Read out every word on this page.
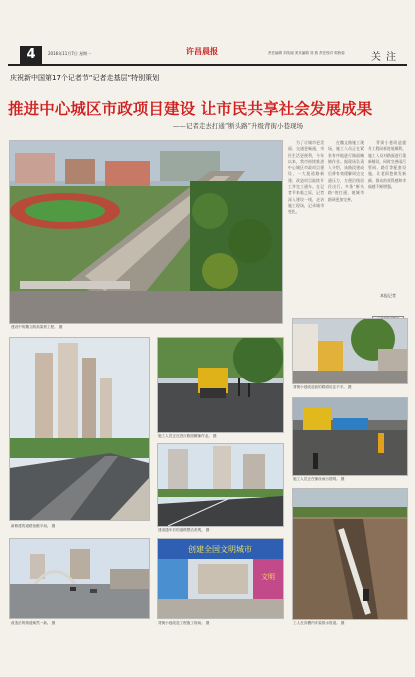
4	2016年11月7日 星期一	许昌晨报	责任编辑 刘英丽 美术编辑 刘 燕 责任校对 郭秋菊	关 注
庆祝新中国第17个记者节“记者走基层”特别策划
推进中心城区市政项目建设 让市民共享社会发展成果
——记者走去打通“断头路”升级背街小巷现场
建设中的魏文路高架桥工程。 摄

为了让城市更美丽、交通更畅通，市民生活更便利，今年以来，我市持续推进中心城区市政项目建设，一大批道路新建、改造项目陆续开工并完工通车。在记者节来临之际，记者深入建设一线，走访施工现场，记录城市变化。

在魏文路施工现场，施工人员正在紧张有序地进行路面摊铺作业。据现场负责人介绍，该路段建成后将有效缓解周边交通压力，方便沿线居民出行。多条“断头路”的打通，使城市路网更加完善。

背街小巷改造提升工程同样进展顺利。施工人员对路面进行重新铺设，同时完善雨污管网、路灯等配套设施，让老街巷焕发新颜，群众的获得感和幸福感不断增强。

本报记者
新修建的道路宽敞平坦。 摄
施工人员正在进行路面摊铺作业。 摄
建成通车后的道路整洁美观。 摄
改造后的街道焕然一新。 摄
创建全国文明城市
文明
背街小巷改造工程施工现场。 摄
背街小巷改造前的路面坑洼不平。 摄
施工人员正在铺设雨污管网。 摄
工人在沟槽内安装排水管道。 摄
